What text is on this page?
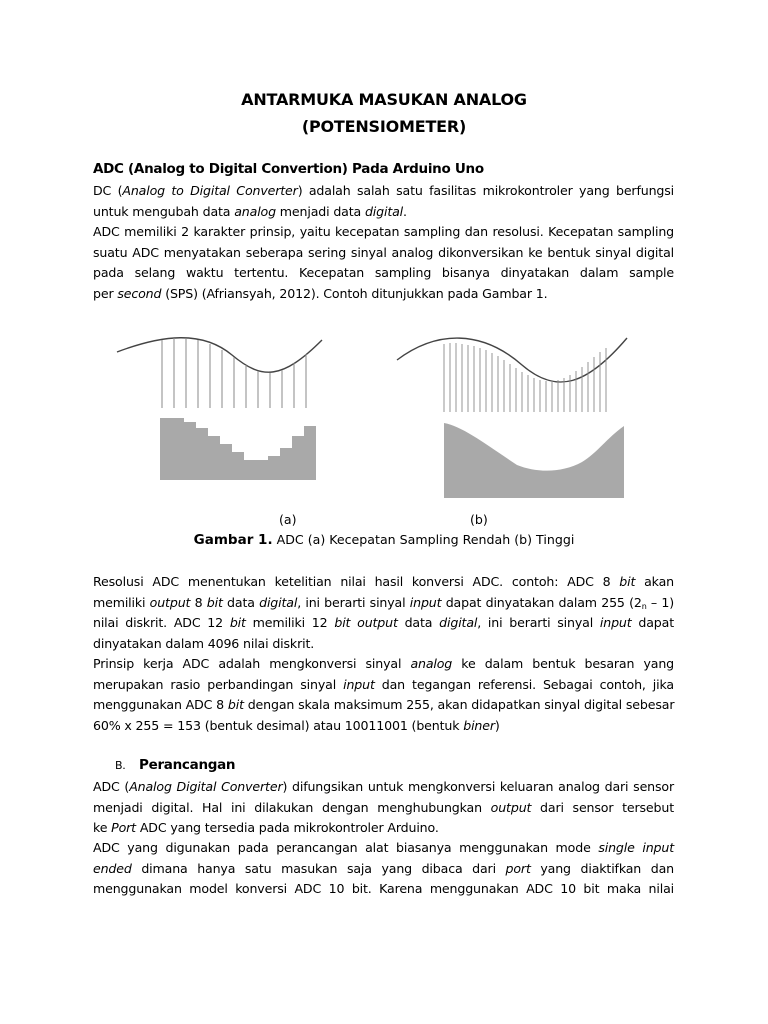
ANTARMUKA MASUKAN ANALOG
(POTENSIOMETER)
ADC (Analog to Digital Convertion) Pada Arduino Uno
DC (Analog to Digital Converter) adalah salah satu fasilitas mikrokontroler yang berfungsi
untuk mengubah data analog menjadi data digital.
ADC memiliki 2 karakter prinsip, yaitu kecepatan sampling dan resolusi. Kecepatan sampling
suatu ADC menyatakan seberapa sering sinyal analog dikonversikan ke bentuk sinyal digital
pada selang waktu tertentu. Kecepatan sampling bisanya dinyatakan dalam sample
per second (SPS) (Afriansyah, 2012). Contoh ditunjukkan pada Gambar 1.
(a)	(b)
Gambar 1. ADC (a) Kecepatan Sampling Rendah (b) Tinggi
Resolusi ADC menentukan ketelitian nilai hasil konversi ADC. contoh: ADC 8 bit akan
memiliki output 8 bit data digital, ini berarti sinyal input dapat dinyatakan dalam 255 $(2_n - 1)$
nilai diskrit. ADC 12 bit memiliki 12 bit output data digital, ini berarti sinyal input dapat
dinyatakan dalam 4096 nilai diskrit.
Prinsip kerja ADC adalah mengkonversi sinyal analog ke dalam bentuk besaran yang
merupakan rasio perbandingan sinyal input dan tegangan referensi. Sebagai contoh, jika
menggunakan ADC 8 bit dengan skala maksimum 255, akan didapatkan sinyal digital sebesar
60% x 255 = 153 (bentuk desimal) atau 10011001 (bentuk biner)
B. Perancangan
ADC (Analog Digital Converter) difungsikan untuk mengkonversi keluaran analog dari sensor
menjadi digital. Hal ini dilakukan dengan menghubungkan output dari sensor tersebut
ke Port ADC yang tersedia pada mikrokontroler Arduino.
ADC yang digunakan pada perancangan alat biasanya menggunakan mode single input
ended dimana hanya satu masukan saja yang dibaca dari port yang diaktifkan dan
menggunakan model konversi ADC 10 bit. Karena menggunakan ADC 10 bit maka nilai
